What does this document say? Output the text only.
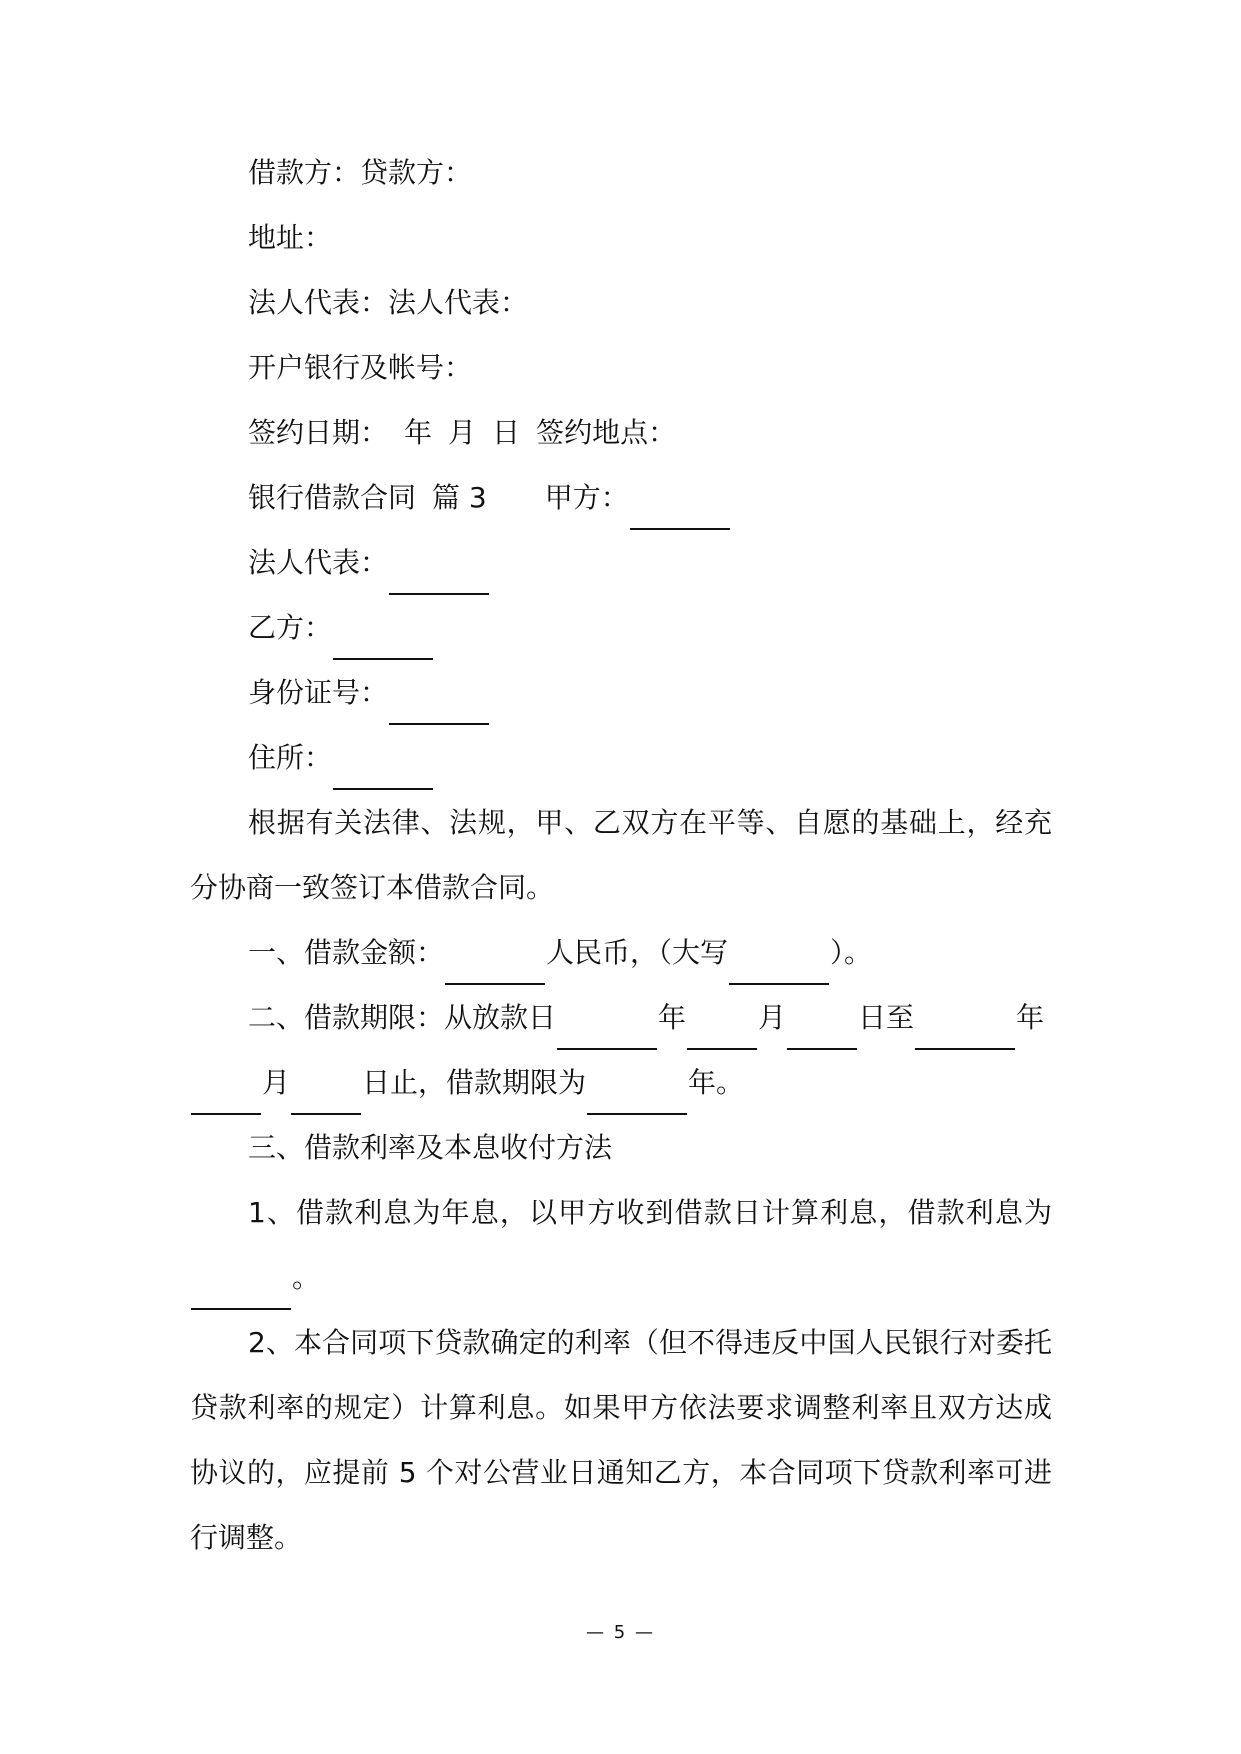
借款方：贷款方：

地址：

法人代表：法人代表：

开户银行及帐号：

签约日期： 年 月 日 签约地点：

银行借款合同 篇 3 甲方：

法人代表：

乙方：

身份证号：

住所：

根据有关法律、法规，甲、乙双方在平等、自愿的基础上，经充分协商一致签订本借款合同。

一、借款金额：	人民币，（大写	）。

二、借款期限：从放款日	年	月	日至	年

月	日止，借款期限为	年。

三、借款利率及本息收付方法

1、借款利息为年息，以甲方收到借款日计算利息，借款利息为。

2、本合同项下贷款确定的利率（但不得违反中国人民银行对委托贷款利率的规定）计算利息。如果甲方依法要求调整利率且双方达成协议的，应提前 5 个对公营业日通知乙方，本合同项下贷款利率可进行调整。

— 5 —
